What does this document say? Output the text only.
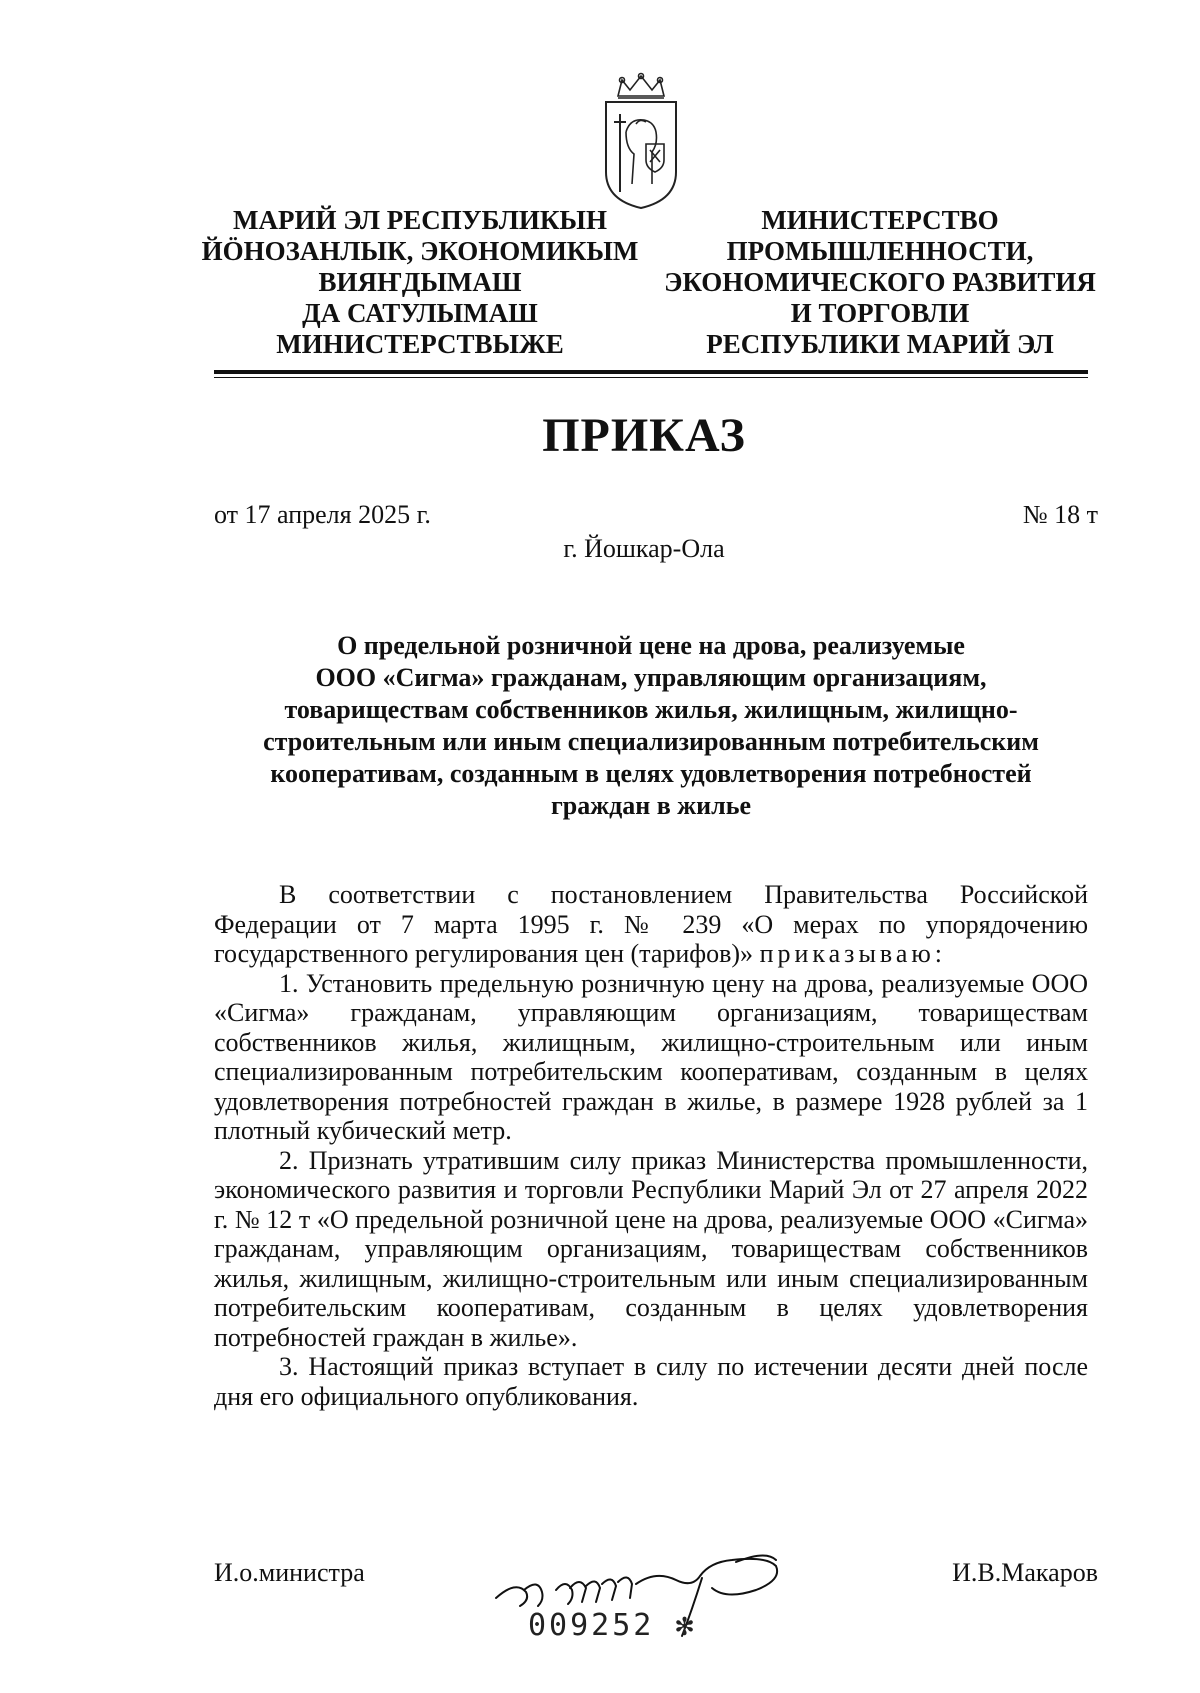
МАРИЙ ЭЛ РЕСПУБЛИКЫН
ЙÖНОЗАНЛЫК, ЭКОНОМИКЫМ
ВИЯҤДЫМАШ
ДА САТУЛЫМАШ
МИНИСТЕРСТВЫЖЕ
МИНИСТЕРСТВО
ПРОМЫШЛЕННОСТИ,
ЭКОНОМИЧЕСКОГО РАЗВИТИЯ
И ТОРГОВЛИ
РЕСПУБЛИКИ МАРИЙ ЭЛ
ПРИКАЗ
от 17 апреля 2025 г.	№ 18 т
г. Йошкар-Ола
О предельной розничной цене на дрова, реализуемые
ООО «Сигма» гражданам, управляющим организациям,
товариществам собственников жилья, жилищным, жилищно-
строительным или иным специализированным потребительским
кооперативам, созданным в целях удовлетворения потребностей
граждан в жилье

В соответствии с постановлением Правительства Российской Федерации от 7 марта 1995 г. № 239 «О мерах по упорядочению государственного регулирования цен (тарифов)» приказываю:

1. Установить предельную розничную цену на дрова, реализуемые ООО «Сигма» гражданам, управляющим организациям, товариществам собственников жилья, жилищным, жилищно-строительным или иным специализированным потребительским кооперативам, созданным в целях удовлетворения потребностей граждан в жилье, в размере 1928 рублей за 1 плотный кубический метр.

2. Признать утратившим силу приказ Министерства промышленности, экономического развития и торговли Республики Марий Эл от 27 апреля 2022 г. № 12 т «О предельной розничной цене на дрова, реализуемые ООО «Сигма» гражданам, управляющим организациям, товариществам собственников жилья, жилищным, жилищно-строительным или иным специализированным потребительским кооперативам, созданным в целях удовлетворения потребностей граждан в жилье».

3. Настоящий приказ вступает в силу по истечении десяти дней после дня его официального опубликования.

И.о.министра	И.В.Макаров
009252 ✻
